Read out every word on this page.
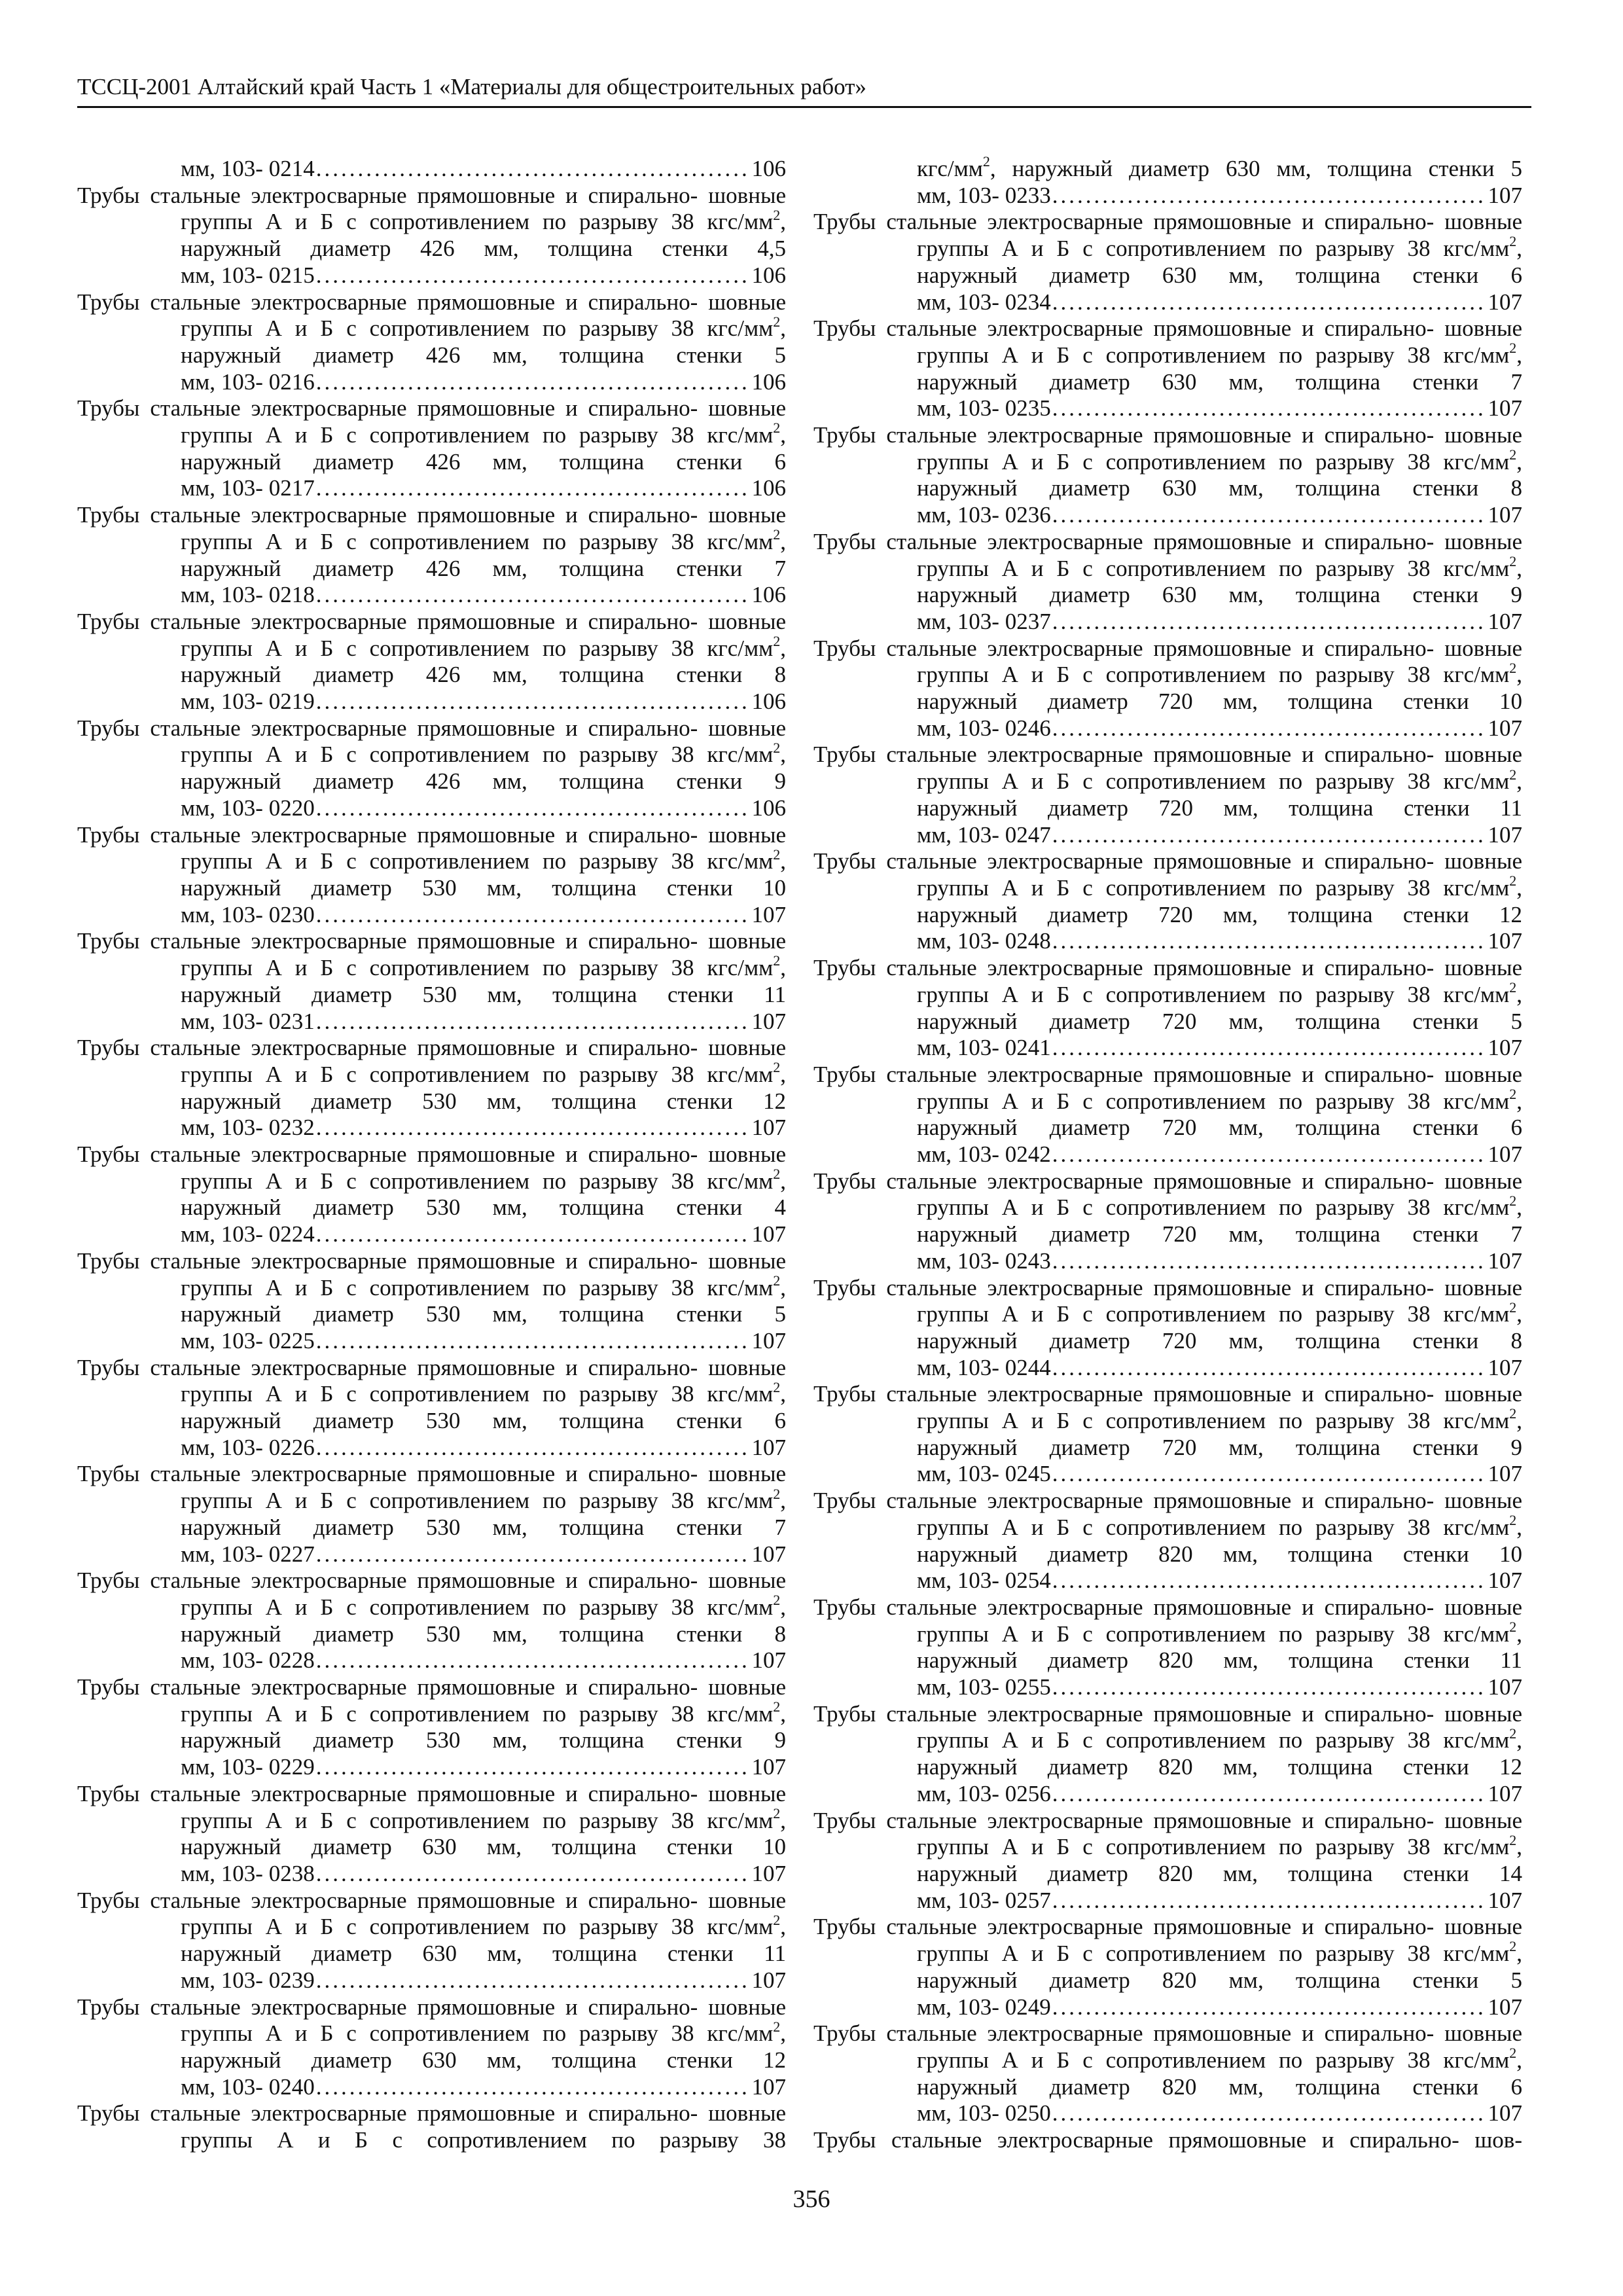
ТССЦ-2001 Алтайский край Часть 1 «Материалы для общестроительных работ»
мм, 103- 0214 .....	106
Трубы стальные электросварные прямошовные и спирально- шовные группы А и Б с сопротивлением по разрыву 38 кгс/$мм^2$, наружный диаметр 426 мм, толщина стенки 4,5
мм, 103- 0215 .....	106
Трубы стальные электросварные прямошовные и спирально- шовные группы А и Б с сопротивлением по разрыву 38 кгс/$мм^2$, наружный диаметр 426 мм, толщина стенки 5
мм, 103- 0216 .....	106
Трубы стальные электросварные прямошовные и спирально- шовные группы А и Б с сопротивлением по разрыву 38 кгс/$мм^2$, наружный диаметр 426 мм, толщина стенки 6
мм, 103- 0217 .....	106
Трубы стальные электросварные прямошовные и спирально- шовные группы А и Б с сопротивлением по разрыву 38 кгс/$мм^2$, наружный диаметр 426 мм, толщина стенки 7
мм, 103- 0218 .....	106
Трубы стальные электросварные прямошовные и спирально- шовные группы А и Б с сопротивлением по разрыву 38 кгс/$мм^2$, наружный диаметр 426 мм, толщина стенки 8
мм, 103- 0219 .....	106
Трубы стальные электросварные прямошовные и спирально- шовные группы А и Б с сопротивлением по разрыву 38 кгс/$мм^2$, наружный диаметр 426 мм, толщина стенки 9
мм, 103- 0220 .....	106
Трубы стальные электросварные прямошовные и спирально- шовные группы А и Б с сопротивлением по разрыву 38 кгс/$мм^2$, наружный диаметр 530 мм, толщина стенки 10
мм, 103- 0230 .....	107
Трубы стальные электросварные прямошовные и спирально- шовные группы А и Б с сопротивлением по разрыву 38 кгс/$мм^2$, наружный диаметр 530 мм, толщина стенки 11
мм, 103- 0231 .....	107
Трубы стальные электросварные прямошовные и спирально- шовные группы А и Б с сопротивлением по разрыву 38 кгс/$мм^2$, наружный диаметр 530 мм, толщина стенки 12
мм, 103- 0232 .....	107
Трубы стальные электросварные прямошовные и спирально- шовные группы А и Б с сопротивлением по разрыву 38 кгс/$мм^2$, наружный диаметр 530 мм, толщина стенки 4
мм, 103- 0224 .....	107
Трубы стальные электросварные прямошовные и спирально- шовные группы А и Б с сопротивлением по разрыву 38 кгс/$мм^2$, наружный диаметр 530 мм, толщина стенки 5
мм, 103- 0225 .....	107
Трубы стальные электросварные прямошовные и спирально- шовные группы А и Б с сопротивлением по разрыву 38 кгс/$мм^2$, наружный диаметр 530 мм, толщина стенки 6
мм, 103- 0226 .....	107
Трубы стальные электросварные прямошовные и спирально- шовные группы А и Б с сопротивлением по разрыву 38 кгс/$мм^2$, наружный диаметр 530 мм, толщина стенки 7
мм, 103- 0227 .....	107
Трубы стальные электросварные прямошовные и спирально- шовные группы А и Б с сопротивлением по разрыву 38 кгс/$мм^2$, наружный диаметр 530 мм, толщина стенки 8
мм, 103- 0228 .....	107
Трубы стальные электросварные прямошовные и спирально- шовные группы А и Б с сопротивлением по разрыву 38 кгс/$мм^2$, наружный диаметр 530 мм, толщина стенки 9
мм, 103- 0229 .....	107
Трубы стальные электросварные прямошовные и спирально- шовные группы А и Б с сопротивлением по разрыву 38 кгс/$мм^2$, наружный диаметр 630 мм, толщина стенки 10
мм, 103- 0238 .....	107
Трубы стальные электросварные прямошовные и спирально- шовные группы А и Б с сопротивлением по разрыву 38 кгс/$мм^2$, наружный диаметр 630 мм, толщина стенки 11
мм, 103- 0239 .....	107
Трубы стальные электросварные прямошовные и спирально- шовные группы А и Б с сопротивлением по разрыву 38 кгс/$мм^2$, наружный диаметр 630 мм, толщина стенки 12
мм, 103- 0240 .....	107
Трубы стальные электросварные прямошовные и спирально- шовные группы А и Б с сопротивлением по разрыву 38
кгс/$мм^2$, наружный диаметр 630 мм, толщина стенки 5
мм, 103- 0233 .....	107
Трубы стальные электросварные прямошовные и спирально- шовные группы А и Б с сопротивлением по разрыву 38 кгс/$мм^2$, наружный диаметр 630 мм, толщина стенки 6
мм, 103- 0234 .....	107
Трубы стальные электросварные прямошовные и спирально- шовные группы А и Б с сопротивлением по разрыву 38 кгс/$мм^2$, наружный диаметр 630 мм, толщина стенки 7
мм, 103- 0235 .....	107
Трубы стальные электросварные прямошовные и спирально- шовные группы А и Б с сопротивлением по разрыву 38 кгс/$мм^2$, наружный диаметр 630 мм, толщина стенки 8
мм, 103- 0236 .....	107
Трубы стальные электросварные прямошовные и спирально- шовные группы А и Б с сопротивлением по разрыву 38 кгс/$мм^2$, наружный диаметр 630 мм, толщина стенки 9
мм, 103- 0237 .....	107
Трубы стальные электросварные прямошовные и спирально- шовные группы А и Б с сопротивлением по разрыву 38 кгс/$мм^2$, наружный диаметр 720 мм, толщина стенки 10
мм, 103- 0246 .....	107
Трубы стальные электросварные прямошовные и спирально- шовные группы А и Б с сопротивлением по разрыву 38 кгс/$мм^2$, наружный диаметр 720 мм, толщина стенки 11
мм, 103- 0247 .....	107
Трубы стальные электросварные прямошовные и спирально- шовные группы А и Б с сопротивлением по разрыву 38 кгс/$мм^2$, наружный диаметр 720 мм, толщина стенки 12
мм, 103- 0248 .....	107
Трубы стальные электросварные прямошовные и спирально- шовные группы А и Б с сопротивлением по разрыву 38 кгс/$мм^2$, наружный диаметр 720 мм, толщина стенки 5
мм, 103- 0241 .....	107
Трубы стальные электросварные прямошовные и спирально- шовные группы А и Б с сопротивлением по разрыву 38 кгс/$мм^2$, наружный диаметр 720 мм, толщина стенки 6
мм, 103- 0242 .....	107
Трубы стальные электросварные прямошовные и спирально- шовные группы А и Б с сопротивлением по разрыву 38 кгс/$мм^2$, наружный диаметр 720 мм, толщина стенки 7
мм, 103- 0243 .....	107
Трубы стальные электросварные прямошовные и спирально- шовные группы А и Б с сопротивлением по разрыву 38 кгс/$мм^2$, наружный диаметр 720 мм, толщина стенки 8
мм, 103- 0244 .....	107
Трубы стальные электросварные прямошовные и спирально- шовные группы А и Б с сопротивлением по разрыву 38 кгс/$мм^2$, наружный диаметр 720 мм, толщина стенки 9
мм, 103- 0245 .....	107
Трубы стальные электросварные прямошовные и спирально- шовные группы А и Б с сопротивлением по разрыву 38 кгс/$мм^2$, наружный диаметр 820 мм, толщина стенки 10
мм, 103- 0254 .....	107
Трубы стальные электросварные прямошовные и спирально- шовные группы А и Б с сопротивлением по разрыву 38 кгс/$мм^2$, наружный диаметр 820 мм, толщина стенки 11
мм, 103- 0255 .....	107
Трубы стальные электросварные прямошовные и спирально- шовные группы А и Б с сопротивлением по разрыву 38 кгс/$мм^2$, наружный диаметр 820 мм, толщина стенки 12
мм, 103- 0256 .....	107
Трубы стальные электросварные прямошовные и спирально- шовные группы А и Б с сопротивлением по разрыву 38 кгс/$мм^2$, наружный диаметр 820 мм, толщина стенки 14
мм, 103- 0257 .....	107
Трубы стальные электросварные прямошовные и спирально- шовные группы А и Б с сопротивлением по разрыву 38 кгс/$мм^2$, наружный диаметр 820 мм, толщина стенки 5
мм, 103- 0249 .....	107
Трубы стальные электросварные прямошовные и спирально- шовные группы А и Б с сопротивлением по разрыву 38 кгс/$мм^2$, наружный диаметр 820 мм, толщина стенки 6
мм, 103- 0250 .....	107
Трубы стальные электросварные прямошовные и спирально- шов-
356
